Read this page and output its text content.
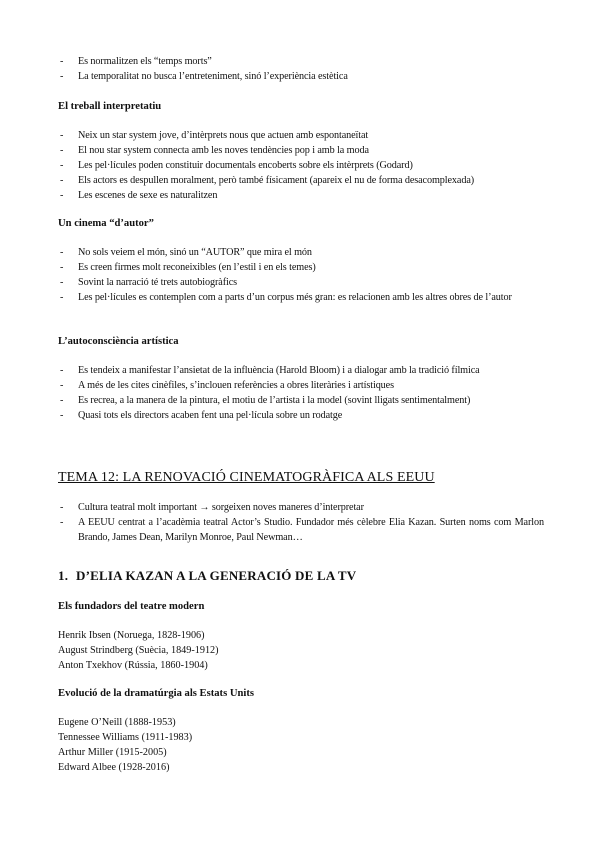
- Es normalitzen els “temps morts”
- La temporalitat no busca l’entreteniment, sinó l’experiència estètica
El treball interpretatiu
- Neix un star system jove, d’intèrprets nous que actuen amb espontaneïtat
- El nou star system connecta amb les noves tendències pop i amb la moda
- Les pel·lícules poden constituir documentals encoberts sobre els intèrprets (Godard)
- Els actors es despullen moralment, però també físicament (apareix el nu de forma desacomplexada)
- Les escenes de sexe es naturalitzen
Un cinema “d’autor”
- No sols veiem el món, sinó un “AUTOR” que mira el món
- Es creen firmes molt reconeixibles (en l’estil i en els temes)
- Sovint la narració té trets autobiogràfics
- Les pel·lícules es contemplen com a parts d’un corpus més gran: es relacionen amb les altres obres de l’autor
L’autoconsciència artística
- Es tendeix a manifestar l’ansietat de la influència (Harold Bloom) i a dialogar amb la tradició fílmica
- A més de les cites cinèfiles, s’inclouen referències a obres literàries i artístiques
- Es recrea, a la manera de la pintura, el motiu de l’artista i la model (sovint lligats sentimentalment)
- Quasi tots els directors acaben fent una pel·lícula sobre un rodatge
TEMA 12: LA RENOVACIÓ CINEMATOGRÀFICA ALS EEUU
- Cultura teatral molt important → sorgeixen noves maneres d’interpretar
- A EEUU centrat a l’acadèmia teatral Actor’s Studio. Fundador més cèlebre Elia Kazan. Surten noms com Marlon Brando, James Dean, Marilyn Monroe, Paul Newman…
1. D’ELIA KAZAN A LA GENERACIÓ DE LA TV
Els fundadors del teatre modern
Henrik Ibsen (Noruega, 1828-1906)
August Strindberg (Suècia, 1849-1912)
Anton Txekhov (Rússia, 1860-1904)
Evolució de la dramatúrgia als Estats Units
Eugene O’Neill (1888-1953)
Tennessee Williams (1911-1983)
Arthur Miller (1915-2005)
Edward Albee (1928-2016)
